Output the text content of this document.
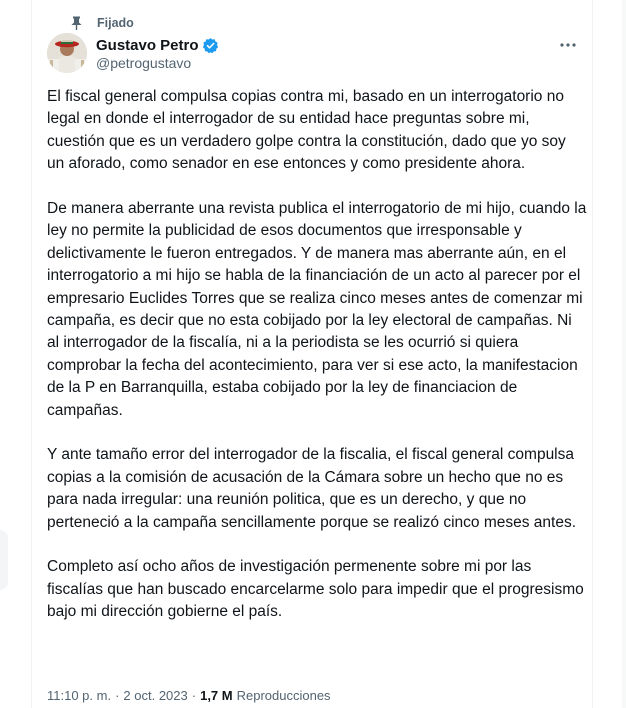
Fijado
Gustavo Petro
@petrogustavo

El fiscal general compulsa copias contra mi, basado en un interrogatorio no legal en donde el interrogador de su entidad hace preguntas sobre mi, cuestión que es un verdadero golpe contra la constitución, dado que yo soy un aforado, como senador en ese entonces y como presidente ahora.

De manera aberrante una revista publica el interrogatorio de mi hijo, cuando la ley no permite la publicidad de esos documentos que irresponsable y delictivamente le fueron entregados. Y de manera mas aberrante aún, en el interrogatorio a mi hijo se habla de la financiación de un acto al parecer por el empresario Euclides Torres que se realiza cinco meses antes de comenzar mi campaña, es decir que no esta cobijado por la ley electoral de campañas. Ni al interrogador de la fiscalía, ni a la periodista se les ocurrió si quiera comprobar la fecha del acontecimiento, para ver si ese acto, la manifestacion de la P en Barranquilla, estaba cobijado por la ley de financiacion de campañas.

Y ante tamaño error del interrogador de la fiscalia, el fiscal general compulsa copias a la comisión de acusación de la Cámara sobre un hecho que no es para nada irregular: una reunión politica, que es un derecho, y que no perteneció a la campaña sencillamente porque se realizó cinco meses antes.

Completo así ocho años de investigación permenente sobre mi por las fiscalías que han buscado encarcelarme solo para impedir que el progresismo bajo mi dirección gobierne el país.

11:10 p. m. · 2 oct. 2023 · 1,7 M Reproducciones
